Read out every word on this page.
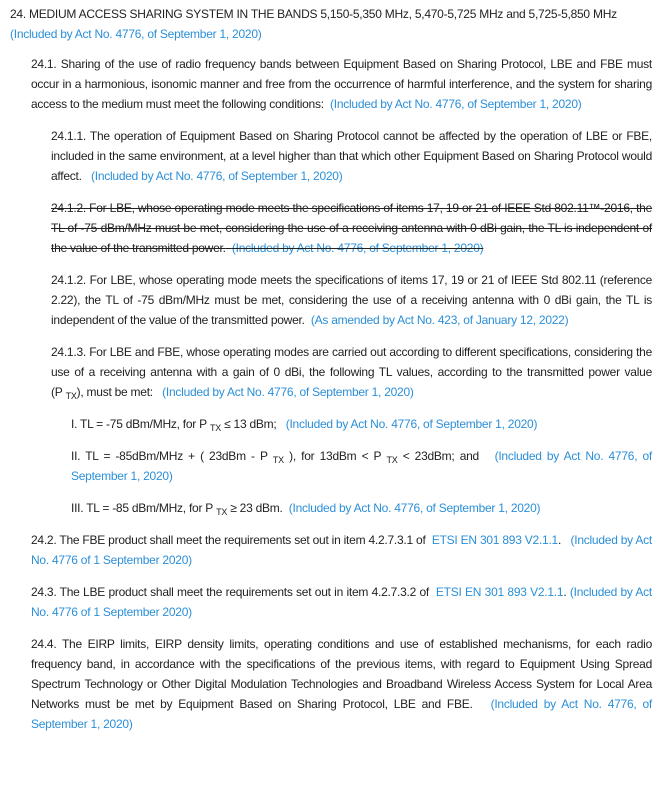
24. MEDIUM ACCESS SHARING SYSTEM IN THE BANDS 5,150-5,350 MHz, 5,470-5,725 MHz and 5,725-5,850 MHz
(Included by Act No. 4776, of September 1, 2020)

24.1. Sharing of the use of radio frequency bands between Equipment Based on Sharing Protocol, LBE and FBE must occur in a harmonious, isonomic manner and free from the occurrence of harmful interference, and the system for sharing access to the medium must meet the following conditions: (Included by Act No. 4776, of September 1, 2020)

24.1.1. The operation of Equipment Based on Sharing Protocol cannot be affected by the operation of LBE or FBE, included in the same environment, at a level higher than that which other Equipment Based on Sharing Protocol would affect. (Included by Act No. 4776, of September 1, 2020)

24.1.2. For LBE, whose operating mode meets the specifications of items 17, 19 or 21 of IEEE Std 802.11™-2016, the TL of -75 dBm/MHz must be met, considering the use of a receiving antenna with 0 dBi gain, the TL is independent of the value of the transmitted power. (Included by Act No. 4776, of September 1, 2020)

24.1.2. For LBE, whose operating mode meets the specifications of items 17, 19 or 21 of IEEE Std 802.11 (reference 2.22), the TL of -75 dBm/MHz must be met, considering the use of a receiving antenna with 0 dBi gain, the TL is independent of the value of the transmitted power. (As amended by Act No. 423, of January 12, 2022)

24.1.3. For LBE and FBE, whose operating modes are carried out according to different specifications, considering the use of a receiving antenna with a gain of 0 dBi, the following TL values, according to the transmitted power value (P $_{TX}$), must be met: (Included by Act No. 4776, of September 1, 2020)

I. TL = -75 dBm/MHz, for P $_{TX}$ ≤ 13 dBm; (Included by Act No. 4776, of September 1, 2020)

II. TL = -85dBm/MHz + ( 23dBm - P $_{TX}$ ), for 13dBm < P $_{TX}$ < 23dBm; and (Included by Act No. 4776, of September 1, 2020)

III. TL = -85 dBm/MHz, for P $_{TX}$ ≥ 23 dBm. (Included by Act No. 4776, of September 1, 2020)

24.2. The FBE product shall meet the requirements set out in item 4.2.7.3.1 of ETSI EN 301 893 V2.1.1. (Included by Act No. 4776 of 1 September 2020)

24.3. The LBE product shall meet the requirements set out in item 4.2.7.3.2 of ETSI EN 301 893 V2.1.1. (Included by Act No. 4776 of 1 September 2020)

24.4. The EIRP limits, EIRP density limits, operating conditions and use of established mechanisms, for each radio frequency band, in accordance with the specifications of the previous items, with regard to Equipment Using Spread Spectrum Technology or Other Digital Modulation Technologies and Broadband Wireless Access System for Local Area Networks must be met by Equipment Based on Sharing Protocol, LBE and FBE. (Included by Act No. 4776, of September 1, 2020)
